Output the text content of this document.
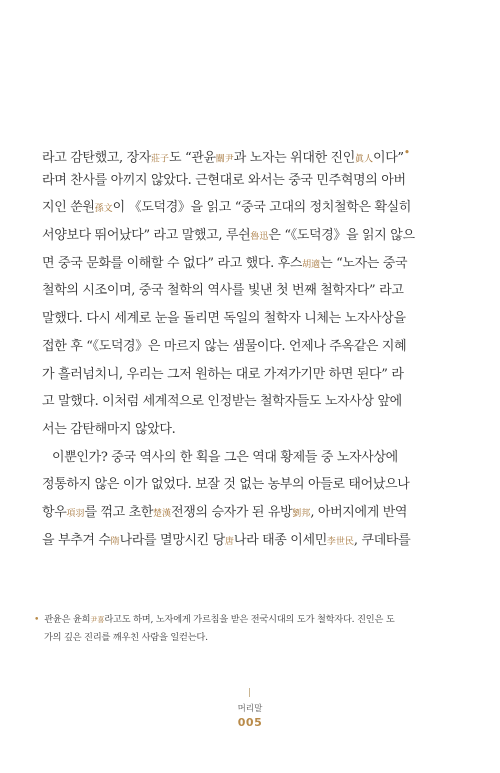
라고 감탄했고, 장자莊子도 “관윤關尹과 노자는 위대한 진인眞人이다”•
라며 찬사를 아끼지 않았다. 근현대로 와서는 중국 민주혁명의 아버
지인 쑨원孫文이 《도덕경》을 읽고 “중국 고대의 정치철학은 확실히
서양보다 뛰어났다” 라고 말했고, 루쉰魯迅은 “《도덕경》을 읽지 않으
면 중국 문화를 이해할 수 없다” 라고 했다. 후스胡適는 “노자는 중국
철학의 시조이며, 중국 철학의 역사를 빛낸 첫 번째 철학자다” 라고
말했다. 다시 세계로 눈을 돌리면 독일의 철학자 니체는 노자사상을
접한 후 “《도덕경》은 마르지 않는 샘물이다. 언제나 주옥같은 지혜
가 흘러넘치니, 우리는 그저 원하는 대로 가져가기만 하면 된다” 라
고 말했다. 이처럼 세계적으로 인정받는 철학자들도 노자사상 앞에
서는 감탄해마지 않았다.
이뿐인가? 중국 역사의 한 획을 그은 역대 황제들 중 노자사상에
정통하지 않은 이가 없었다. 보잘 것 없는 농부의 아들로 태어났으나
항우項羽를 꺾고 초한楚漢전쟁의 승자가 된 유방劉邦, 아버지에게 반역
을 부추겨 수隋나라를 멸망시킨 당唐나라 태종 이세민李世民, 쿠데타를
• 관윤은 윤희尹喜라고도 하며, 노자에게 가르침을 받은 전국시대의 도가 철학자다. 진인은 도
가의 깊은 진리를 깨우친 사람을 일컫는다.
머리말
005
